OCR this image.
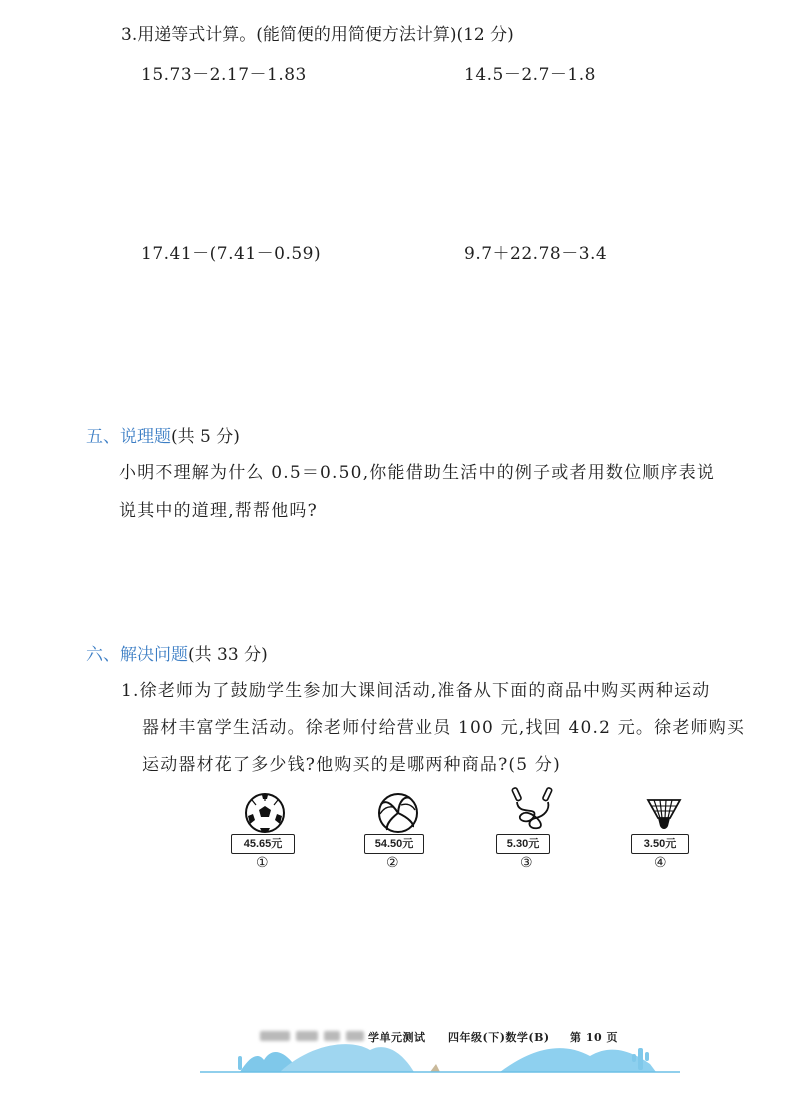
3.用递等式计算。(能简便的用简便方法计算)(12 分)
15.73－2.17－1.83	14.5－2.7－1.8
17.41－(7.41－0.59)	9.7＋22.78－3.4
五、说理题(共 5 分)
小明不理解为什么 0.5＝0.50,你能借助生活中的例子或者用数位顺序表说
说其中的道理,帮帮他吗?
六、解决问题(共 33 分)
1.徐老师为了鼓励学生参加大课间活动,准备从下面的商品中购买两种运动
器材丰富学生活动。徐老师付给营业员 100 元,找回 40.2 元。徐老师购买
运动器材花了多少钱?他购买的是哪两种商品?(5 分)
45.65元
①
54.50元
②
5.30元
③
3.50元
④
学单元测试 四年级(下)数学(B) 第 10 页
